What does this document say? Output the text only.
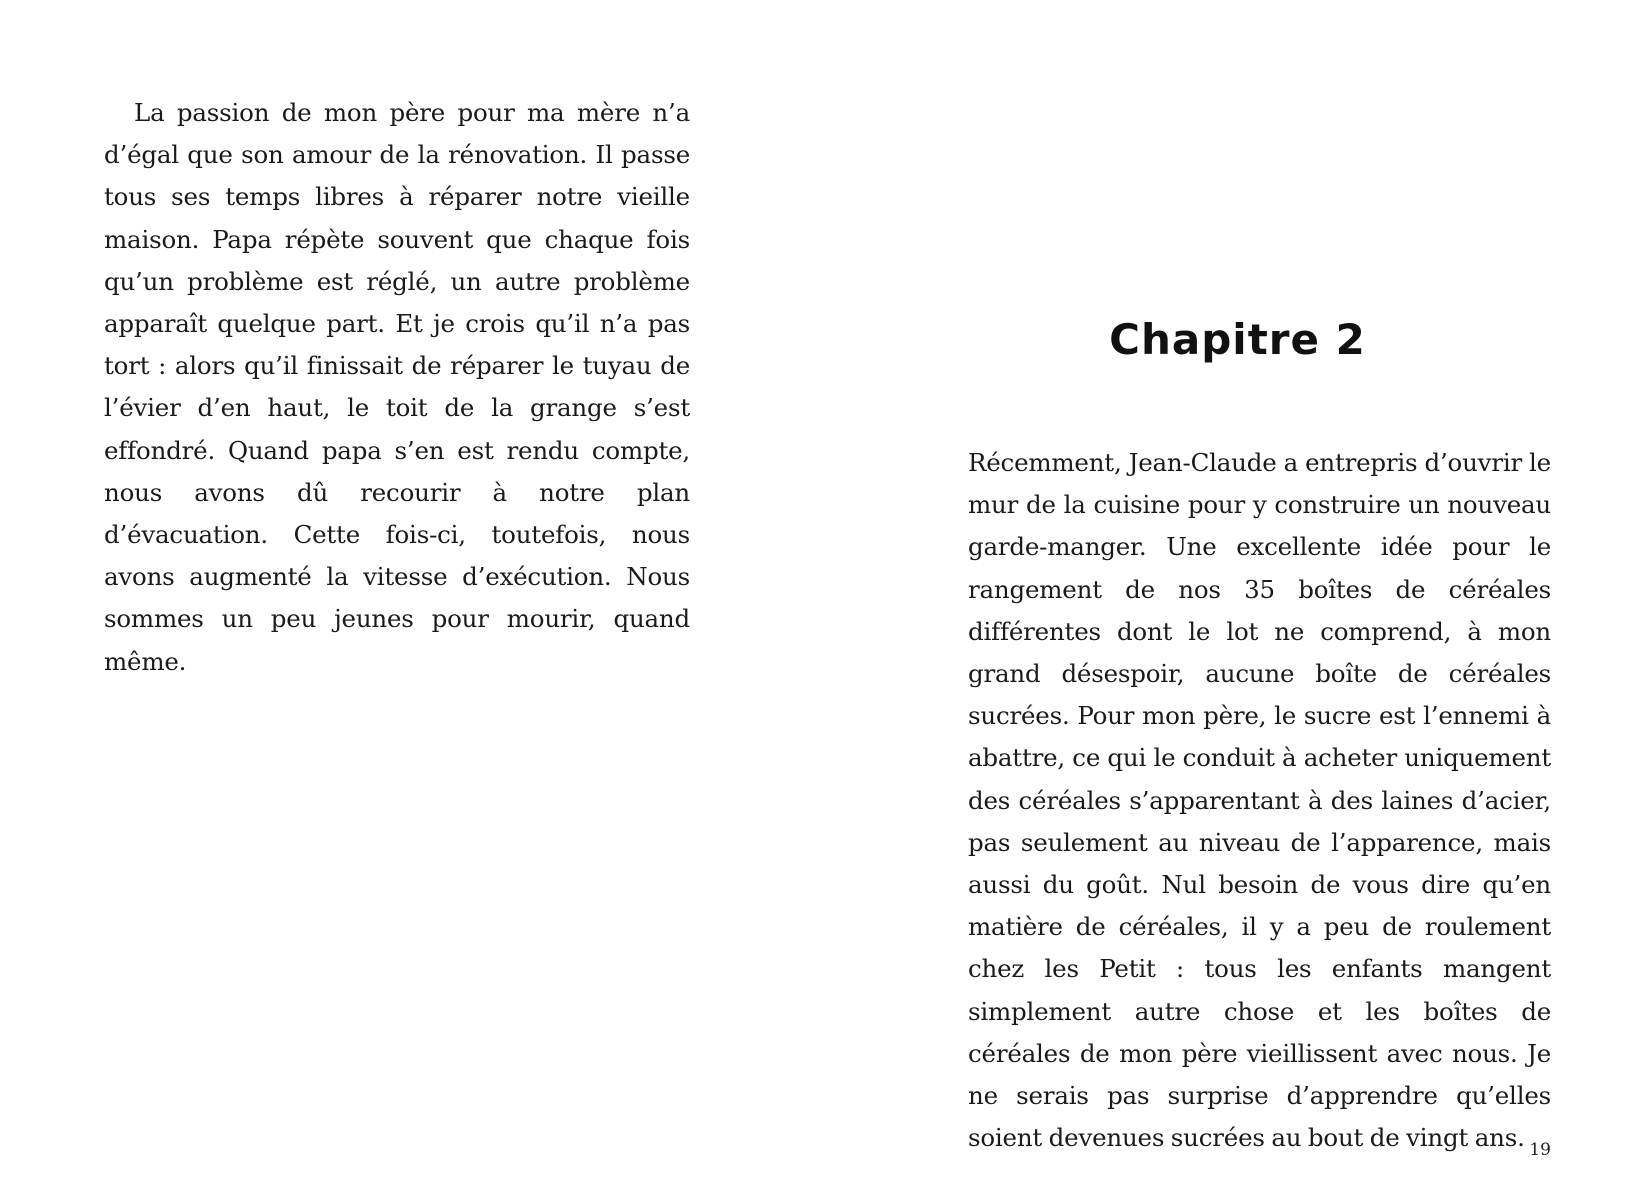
La passion de mon père pour ma mère n’a d’égal que son amour de la rénovation. Il passe tous ses temps libres à réparer notre vieille maison. Papa répète souvent que chaque fois qu’un problème est réglé, un autre problème apparaît quelque part. Et je crois qu’il n’a pas tort : alors qu’il finissait de réparer le tuyau de l’évier d’en haut, le toit de la grange s’est effondré. Quand papa s’en est rendu compte, nous avons dû recourir à notre plan d’évacuation. Cette fois-ci, toutefois, nous avons augmenté la vitesse d’exécution. Nous sommes un peu jeunes pour mourir, quand même.

Chapitre 2

Récemment, Jean-Claude a entrepris d’ouvrir le mur de la cuisine pour y construire un nouveau garde-manger. Une excellente idée pour le rangement de nos 35 boîtes de céréales différentes dont le lot ne comprend, à mon grand désespoir, aucune boîte de céréales sucrées. Pour mon père, le sucre est l’ennemi à abattre, ce qui le conduit à acheter uniquement des céréales s’apparentant à des laines d’acier, pas seulement au niveau de l’apparence, mais aussi du goût. Nul besoin de vous dire qu’en matière de céréales, il y a peu de roulement chez les Petit : tous les enfants mangent simplement autre chose et les boîtes de céréales de mon père vieillissent avec nous. Je ne serais pas surprise d’apprendre qu’elles soient devenues sucrées au bout de vingt ans. 19
